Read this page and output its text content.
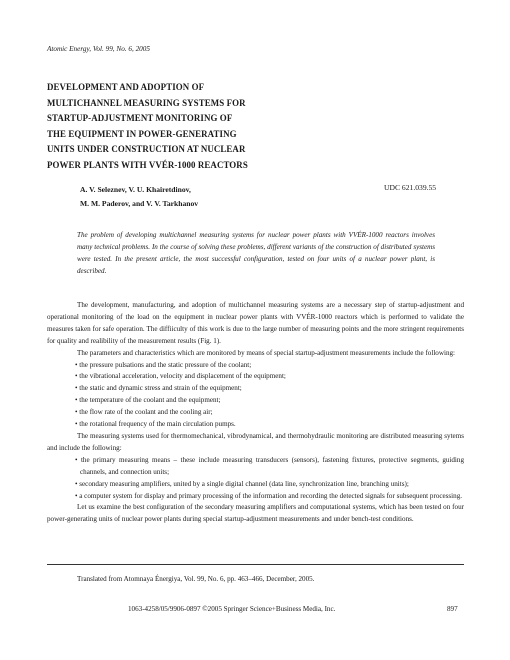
Atomic Energy, Vol. 99, No. 6, 2005
DEVELOPMENT AND ADOPTION OF
MULTICHANNEL MEASURING SYSTEMS FOR
STARTUP-ADJUSTMENT MONITORING OF
THE EQUIPMENT IN POWER-GENERATING
UNITS UNDER CONSTRUCTION AT NUCLEAR
POWER PLANTS WITH VVÉR-1000 REACTORS
A. V. Seleznev, V. U. Khairetdinov,
M. M. Paderov, and V. V. Tarkhanov
UDC 621.039.55
The problem of developing multichannel measuring systems for nuclear power plants with VVÉR-1000 reactors involves many technical problems. In the course of solving these problems, different variants of the construction of distributed systems were tested. In the present article, the most successful configuration, tested on four units of a nuclear power plant, is described.

The development, manufacturing, and adoption of multichannel measuring systems are a necessary step of startup-adjustment and operational monitoring of the load on the equipment in nuclear power plants with VVÉR-1000 reactors which is performed to validate the measures taken for safe operation. The diffiiculty of this work is due to the large number of measuring points and the more stringent requirements for quality and realibility of the measurement results (Fig. 1).

The parameters and characteristics which are monitored by means of special startup-adjustment measurements include the following:

• the pressure pulsations and the static pressure of the coolant;

• the vibrational acceleration, velocity and displacement of the equipment;

• the static and dynamic stress and strain of the equipment;

• the temperature of the coolant and the equipment;

• the flow rate of the coolant and the cooling air;

• the rotational frequency of the main circulation pumps.

The measuring systems used for thermomechanical, vibrodynamical, and thermohydraulic monitoring are distributed measuring sytems and include the following:

• the primary measuring means – these include measuring transducers (sensors), fastening fixtures, protective segments, guiding channels, and connection units;

• secondary measuring amplifiers, united by a single digital channel (data line, synchronization line, branching units);

• a computer system for display and primary processing of the information and recording the detected signals for subsequent processing.

Let us examine the best configuration of the secondary measuring amplifiers and computational systems, which has been tested on four power-generating units of nuclear power plants during special startup-adjustment measurements and under bench-test conditions.

Translated from Atomnaya Énergiya, Vol. 99, No. 6, pp. 463–466, December, 2005.
1063-4258/05/9906-0897 ©2005 Springer Science+Business Media, Inc.	897
